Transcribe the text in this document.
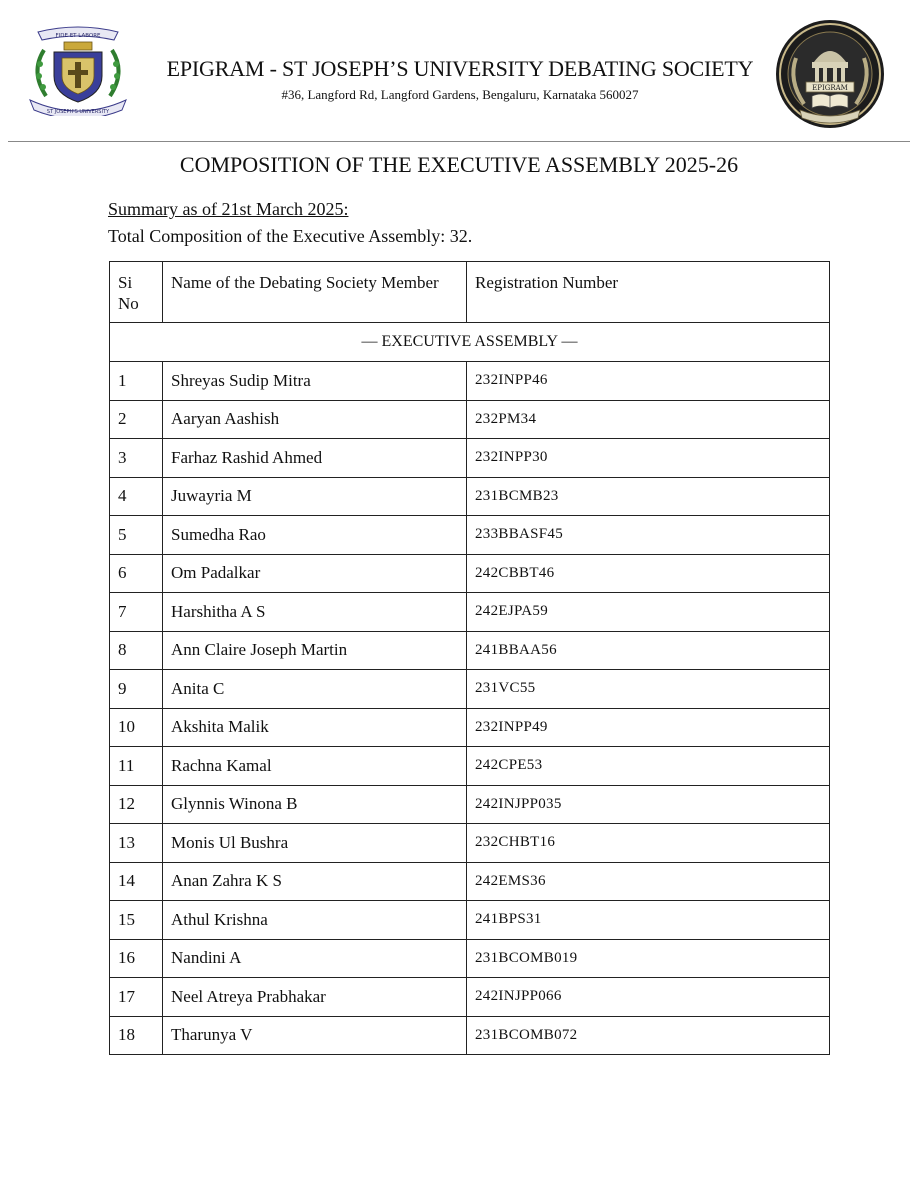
FIDE ET LABORE
ST JOSEPH'S UNIVERSITY
EPIGRAM - ST JOSEPH’S UNIVERSITY DEBATING SOCIETY
#36, Langford Rd, Langford Gardens, Bengaluru, Karnataka 560027	EPIGRAM
COMPOSITION OF THE EXECUTIVE ASSEMBLY 2025-26
Summary as of 21st March 2025:
Total Composition of the Executive Assembly: 32.
Si No	Name of the Debating Society Member	Registration Number
— EXECUTIVE ASSEMBLY —		
1	Shreyas Sudip Mitra	232INPP46
2	Aaryan Aashish	232PM34
3	Farhaz Rashid Ahmed	232INPP30
4	Juwayria M	231BCMB23
5	Sumedha Rao	233BBASF45
6	Om Padalkar	242CBBT46
7	Harshitha A S	242EJPA59
8	Ann Claire Joseph Martin	241BBAA56
9	Anita C	231VC55
10	Akshita Malik	232INPP49
11	Rachna Kamal	242CPE53
12	Glynnis Winona B	242INJPP035
13	Monis Ul Bushra	232CHBT16
14	Anan Zahra K S	242EMS36
15	Athul Krishna	241BPS31
16	Nandini A	231BCOMB019
17	Neel Atreya Prabhakar	242INJPP066
18	Tharunya V	231BCOMB072
